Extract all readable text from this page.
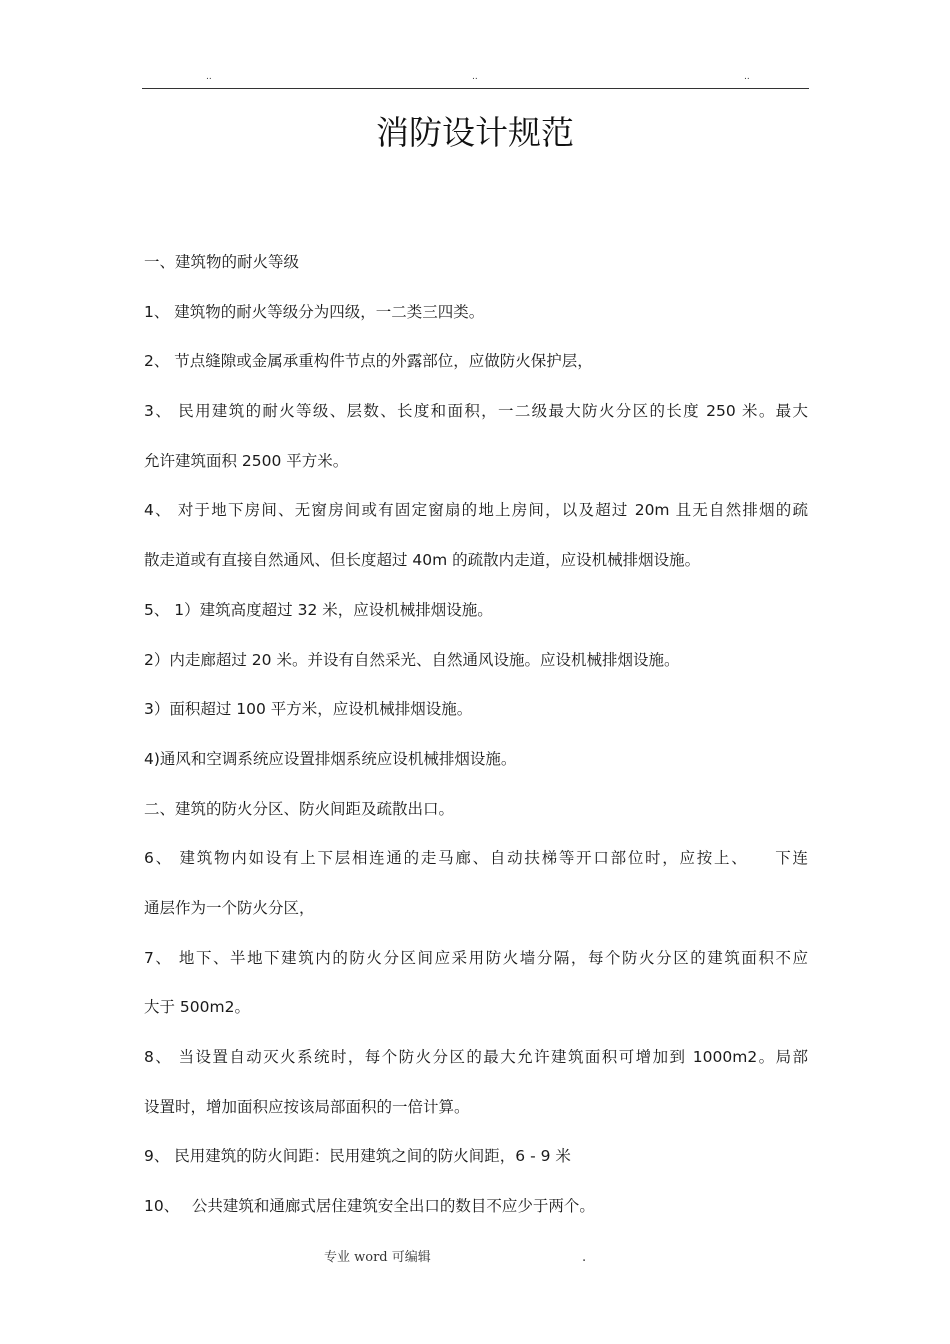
..	..	..
消防设计规范
一、建筑物的耐火等级
1、 建筑物的耐火等级分为四级，一二类三四类。
2、 节点缝隙或金属承重构件节点的外露部位，应做防火保护层，
3、 民用建筑的耐火等级、层数、长度和面积，一二级最大防火分区的长度 250 米。最大
允许建筑面积 2500 平方米。
4、 对于地下房间、无窗房间或有固定窗扇的地上房间，以及超过 20m 且无自然排烟的疏
散走道或有直接自然通风、但长度超过 40m 的疏散内走道，应设机械排烟设施。
5、 1）建筑高度超过 32 米，应设机械排烟设施。
2）内走廊超过 20 米。并设有自然采光、自然通风设施。应设机械排烟设施。
3）面积超过 100 平方米，应设机械排烟设施。
4)通风和空调系统应设置排烟系统应设机械排烟设施。
二、建筑的防火分区、防火间距及疏散出口。
6、 建筑物内如设有上下层相连通的走马廊、自动扶梯等开口部位时，应按上、　　下连
通层作为一个防火分区，
7、 地下、半地下建筑内的防火分区间应采用防火墙分隔，每个防火分区的建筑面积不应
大于 500m2。
8、 当设置自动灭火系统时，每个防火分区的最大允许建筑面积可增加到 1000m2。局部
设置时，增加面积应按该局部面积的一倍计算。
9、 民用建筑的防火间距：民用建筑之间的防火间距，6 - 9 米
10、　 公共建筑和通廊式居住建筑安全出口的数目不应少于两个。
专业 word 可编辑	.
